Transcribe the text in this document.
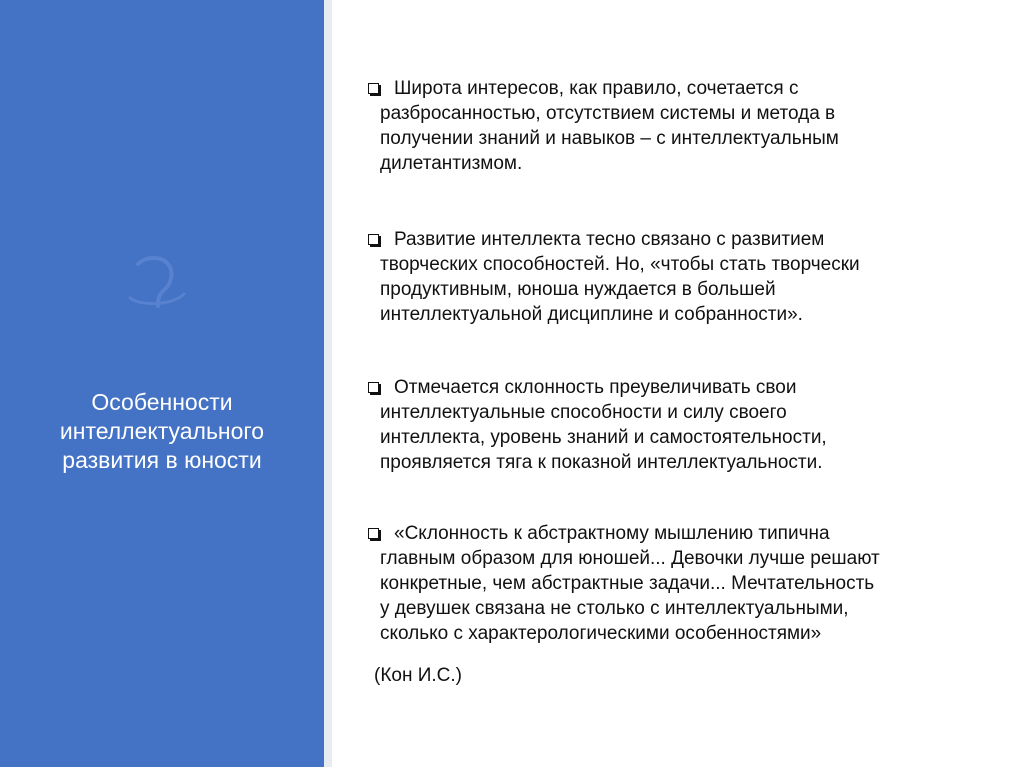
Особенности
интеллектуального
развития в юности
Широта интересов, как правило, сочетается с
разбросанностью, отсутствием системы и метода в
получении знаний и навыков – с интеллектуальным
дилетантизмом.
Развитие интеллекта тесно связано с развитием
творческих способностей. Но, «чтобы стать творчески
продуктивным, юноша нуждается в большей
интеллектуальной дисциплине и собранности».
Отмечается склонность преувеличивать свои
интеллектуальные способности и силу своего
интеллекта, уровень знаний и самостоятельности,
проявляется тяга к показной интеллектуальности.
«Склонность к абстрактному мышлению типична
главным образом для юношей... Девочки лучше решают
конкретные, чем абстрактные задачи... Мечтательность
у девушек связана не столько с интеллектуальными,
сколько с характерологическими особенностями»
(Кон И.С.)
